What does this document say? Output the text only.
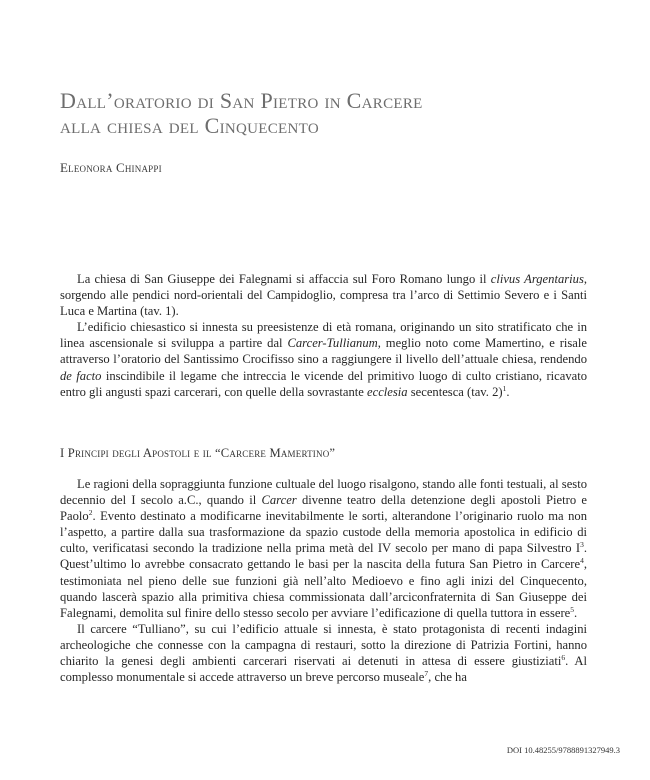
Dall’oratorio di San Pietro in Carcere
alla chiesa del Cinquecento
Eleonora Chinappi

La chiesa di San Giuseppe dei Falegnami si affaccia sul Foro Romano lungo il clivus Argentarius, sorgendo alle pendici nord-orientali del Campidoglio, compresa tra l’arco di Settimio Severo e i Santi Luca e Martina (tav. 1).

L’edificio chiesastico si innesta su preesistenze di età romana, originando un sito stratificato che in linea ascensionale si sviluppa a partire dal Carcer-Tullianum, meglio noto come Mamertino, e risale attraverso l’oratorio del Santissimo Crocifisso sino a raggiungere il livello dell’attuale chiesa, rendendo de facto inscindibile il legame che intreccia le vicende del primitivo luogo di culto cristiano, ricavato entro gli angusti spazi carcerari, con quelle della sovrastante ecclesia secentesca (tav. 2)$^1$.

I Principi degli Apostoli e il “Carcere Mamertino”

Le ragioni della sopraggiunta funzione cultuale del luogo risalgono, stando alle fonti testuali, al sesto decennio del I secolo a.C., quando il Carcer divenne teatro della detenzione degli apostoli Pietro e Paolo$^2$. Evento destinato a modificarne inevitabilmente le sorti, alterandone l’originario ruolo ma non l’aspetto, a partire dalla sua trasformazione da spazio custode della memoria apostolica in edificio di culto, verificatasi secondo la tradizione nella prima metà del IV secolo per mano di papa Silvestro $I^3$. Quest’ultimo lo avrebbe consacrato gettando le basi per la nascita della futura San Pietro in Carcere$^4$, testimoniata nel pieno delle sue funzioni già nell’alto Medioevo e fino agli inizi del Cinquecento, quando lascerà spazio alla primitiva chiesa commissionata dall’arciconfraternita di San Giuseppe dei Falegnami, demolita sul finire dello stesso secolo per avviare l’edificazione di quella tuttora in essere$^5$.

Il carcere “Tulliano”, su cui l’edificio attuale si innesta, è stato protagonista di recenti indagini archeologiche che connesse con la campagna di restauri, sotto la direzione di Patrizia Fortini, hanno chiarito la genesi degli ambienti carcerari riservati ai detenuti in attesa di essere giustiziati$^6$. Al complesso monumentale si accede attraverso un breve percorso museale$^7$, che ha

DOI 10.48255/9788891327949.3
